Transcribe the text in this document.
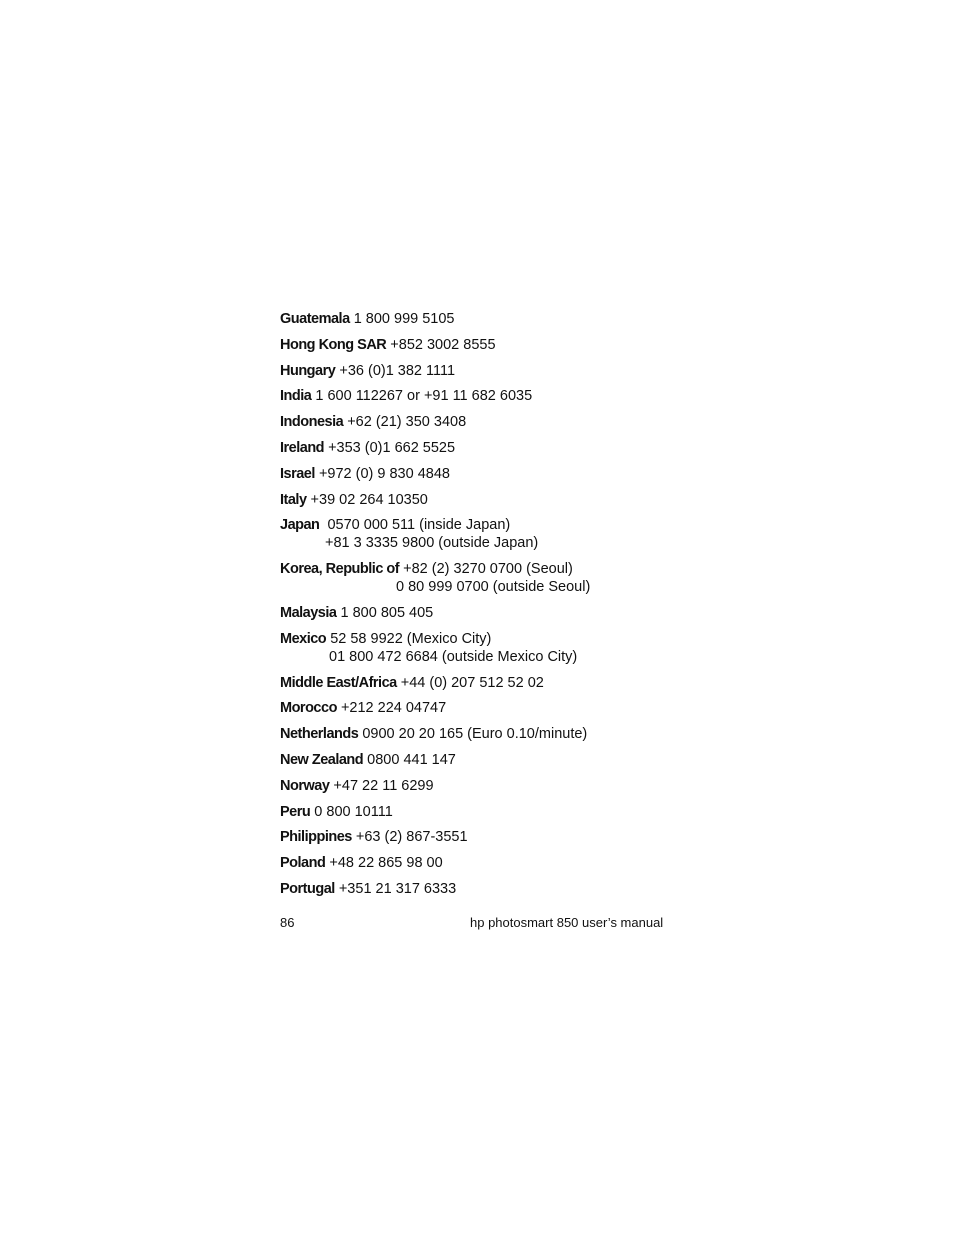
Guatemala 1 800 999 5105
Hong Kong SAR +852 3002 8555
Hungary +36 (0)1 382 1111
India 1 600 112267 or +91 11 682 6035
Indonesia +62 (21) 350 3408
Ireland +353 (0)1 662 5525
Israel +972 (0) 9 830 4848
Italy +39 02 264 10350
Japan 0570 000 511 (inside Japan)
+81 3 3335 9800 (outside Japan)
Korea, Republic of +82 (2) 3270 0700 (Seoul)
0 80 999 0700 (outside Seoul)
Malaysia 1 800 805 405
Mexico 52 58 9922 (Mexico City)
01 800 472 6684 (outside Mexico City)
Middle East/Africa +44 (0) 207 512 52 02
Morocco +212 224 04747
Netherlands 0900 20 20 165 (Euro 0.10/minute)
New Zealand 0800 441 147
Norway +47 22 11 6299
Peru 0 800 10111
Philippines +63 (2) 867-3551
Poland +48 22 865 98 00
Portugal +351 21 317 6333
86	hp photosmart 850 user’s manual
